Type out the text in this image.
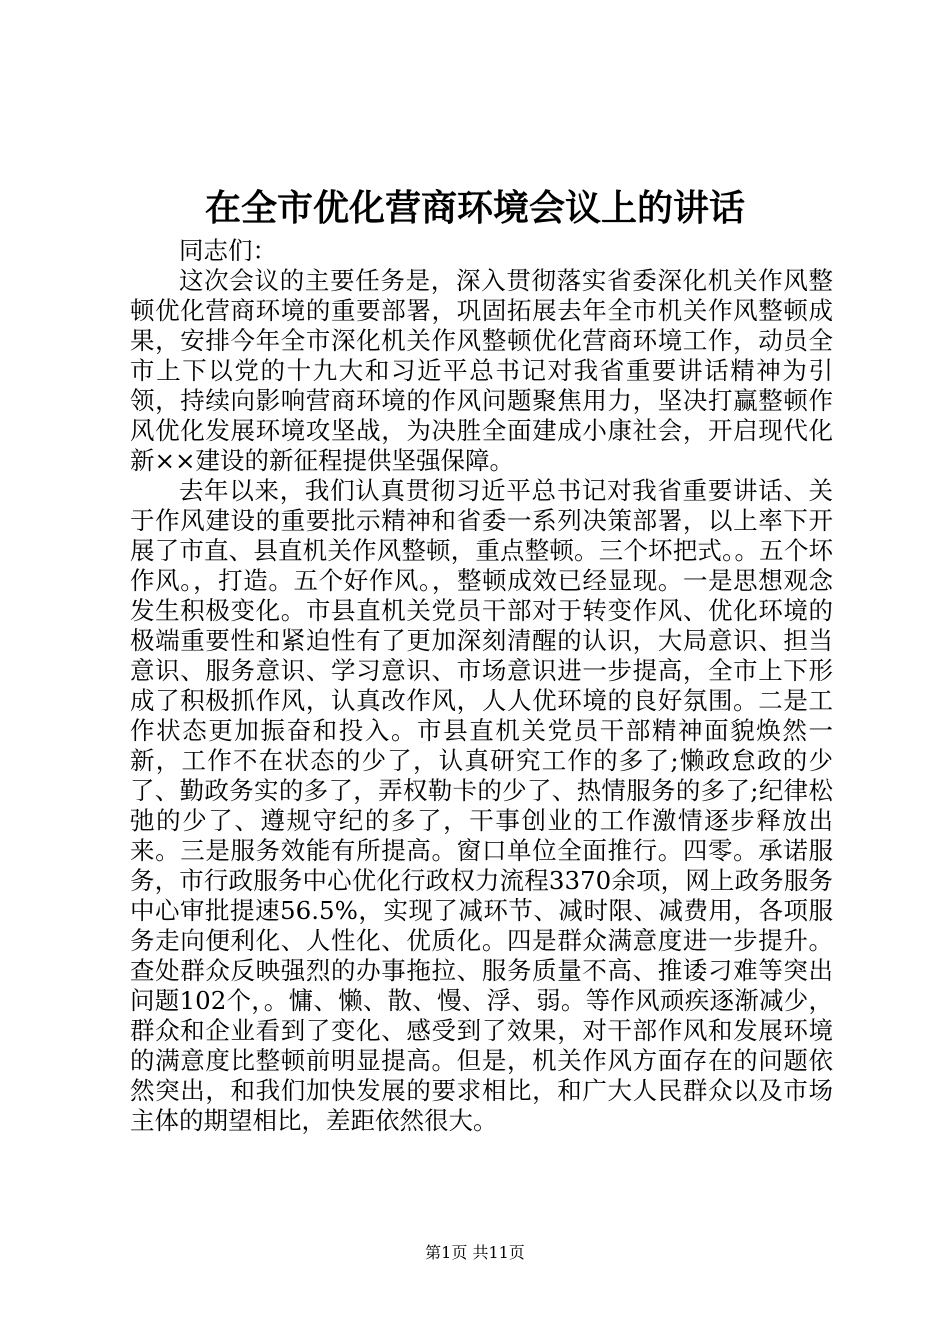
在全市优化营商环境会议上的讲话

同志们：

这次会议的主要任务是，深入贯彻落实省委深化机关作风整顿优化营商环境的重要部署，巩固拓展去年全市机关作风整顿成果，安排今年全市深化机关作风整顿优化营商环境工作，动员全市上下以党的十九大和习近平总书记对我省重要讲话精神为引领，持续向影响营商环境的作风问题聚焦用力，坚决打赢整顿作风优化发展环境攻坚战，为决胜全面建成小康社会，开启现代化新××建设的新征程提供坚强保障。

去年以来，我们认真贯彻习近平总书记对我省重要讲话、关于作风建设的重要批示精神和省委一系列决策部署，以上率下开展了市直、县直机关作风整顿，重点整顿。三个坏把式。。五个坏作风。，打造。五个好作风。，整顿成效已经显现。一是思想观念发生积极变化。市县直机关党员干部对于转变作风、优化环境的极端重要性和紧迫性有了更加深刻清醒的认识，大局意识、担当意识、服务意识、学习意识、市场意识进一步提高，全市上下形成了积极抓作风，认真改作风，人人优环境的良好氛围。二是工作状态更加振奋和投入。市县直机关党员干部精神面貌焕然一新，工作不在状态的少了，认真研究工作的多了;懒政怠政的少了、勤政务实的多了，弄权勒卡的少了、热情服务的多了;纪律松弛的少了、遵规守纪的多了，干事创业的工作激情逐步释放出来。三是服务效能有所提高。窗口单位全面推行。四零。承诺服务，市行政服务中心优化行政权力流程3370余项，网上政务服务中心审批提速56.5%，实现了减环节、减时限、减费用，各项服务走向便利化、人性化、优质化。四是群众满意度进一步提升。查处群众反映强烈的办事拖拉、服务质量不高、推诿刁难等突出问题102个，。慵、懒、散、慢、浮、弱。等作风顽疾逐渐减少，群众和企业看到了变化、感受到了效果，对干部作风和发展环境的满意度比整顿前明显提高。但是，机关作风方面存在的问题依然突出，和我们加快发展的要求相比，和广大人民群众以及市场主体的期望相比，差距依然很大。

第1页 共11页
